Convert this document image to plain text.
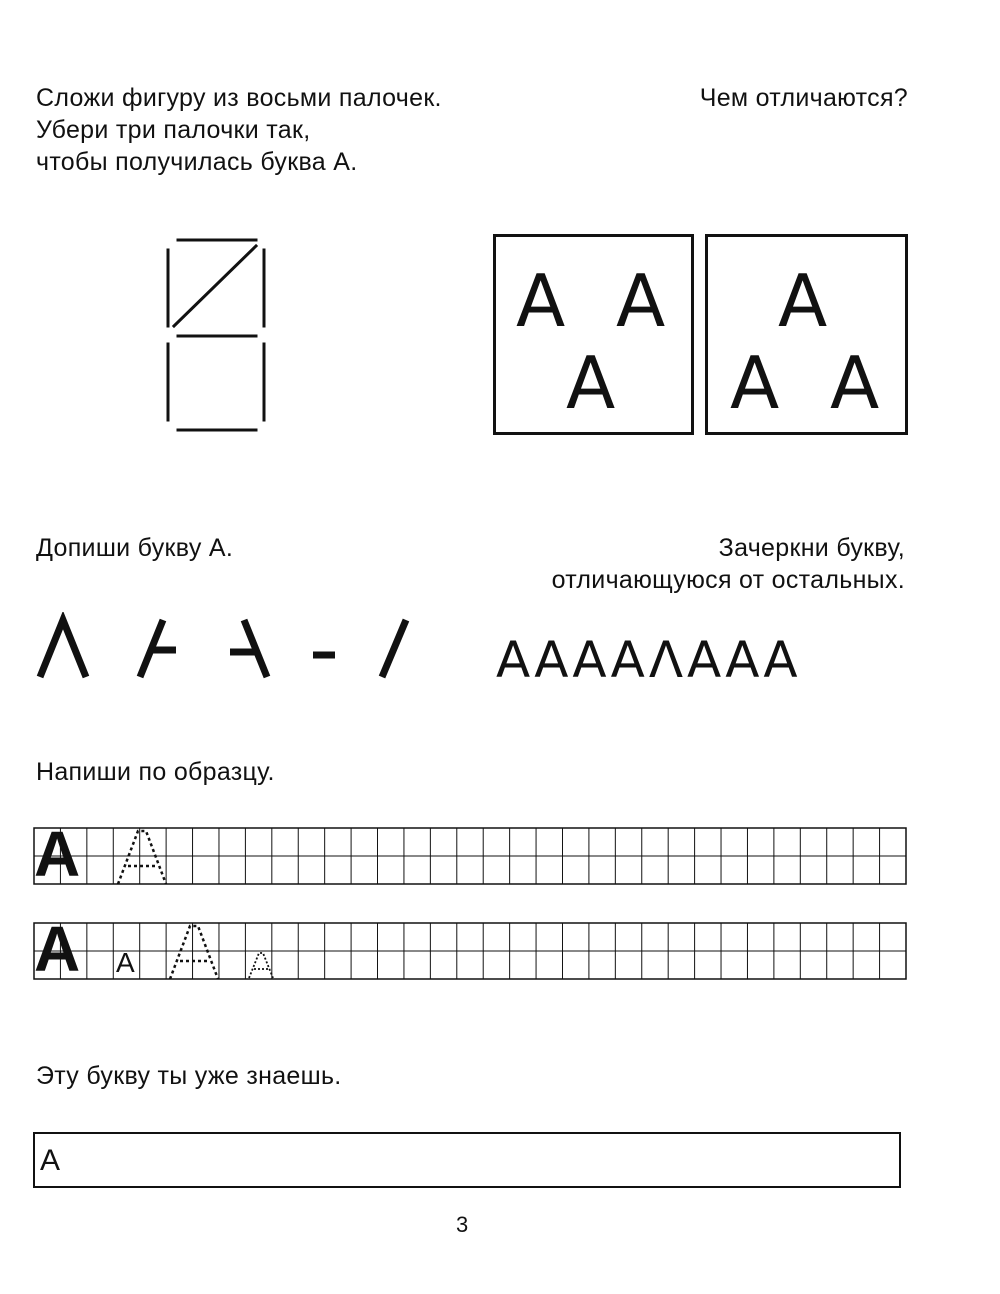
Сложи фигуру из восьми палочек.
Убери три палочки так,
чтобы получилась буква А.
Чем отличаются?
А А
А
А
А А
Допиши букву А.	Зачеркни букву,
отличающуюся от остальных.
ААААΛААА
Напиши по образцу.
А
А А
Эту букву ты уже знаешь.
А
3
